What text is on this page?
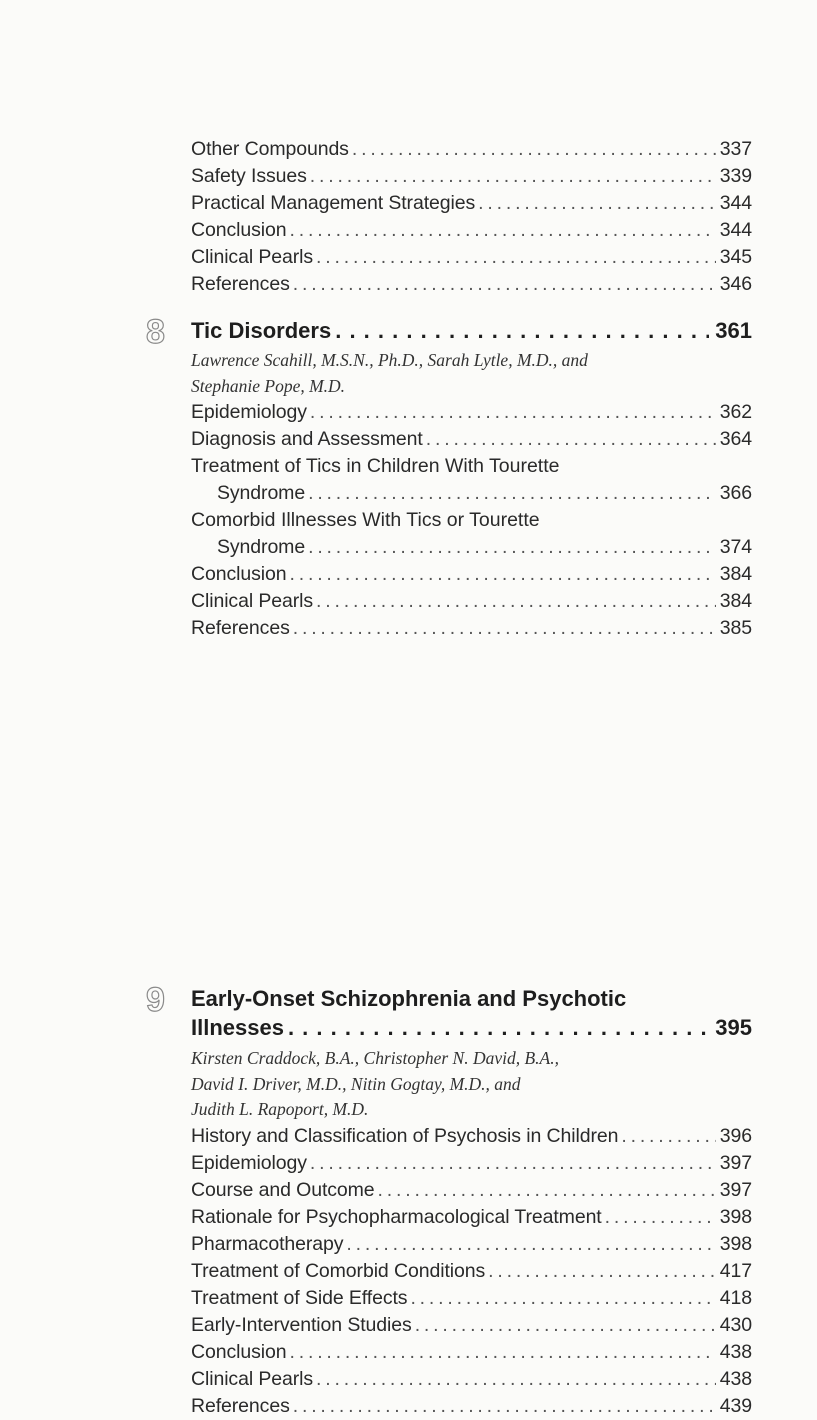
Other Compounds . . .	337
Safety Issues . . .	339
Practical Management Strategies . . .	344
Conclusion . . .	344
Clinical Pearls . . .	345
References . . .	346
8 Tic Disorders . . .	361
Lawrence Scahill, M.S.N., Ph.D., Sarah Lytle, M.D., and
Stephanie Pope, M.D.
Epidemiology . . .	362
Diagnosis and Assessment . . .	364
Treatment of Tics in Children With Tourette
Syndrome . . .	366
Comorbid Illnesses With Tics or Tourette
Syndrome . . .	374
Conclusion . . .	384
Clinical Pearls . . .	384
References . . .	385
9 Early-Onset Schizophrenia and Psychotic
Illnesses . . .	395
Kirsten Craddock, B.A., Christopher N. David, B.A.,
David I. Driver, M.D., Nitin Gogtay, M.D., and
Judith L. Rapoport, M.D.
History and Classification of Psychosis in Children . . .	396
Epidemiology . . .	397
Course and Outcome . . .	397
Rationale for Psychopharmacological Treatment . . .	398
Pharmacotherapy . . .	398
Treatment of Comorbid Conditions . . .	417
Treatment of Side Effects . . .	418
Early-Intervention Studies . . .	430
Conclusion . . .	438
Clinical Pearls . . .	438
References . . .	439
